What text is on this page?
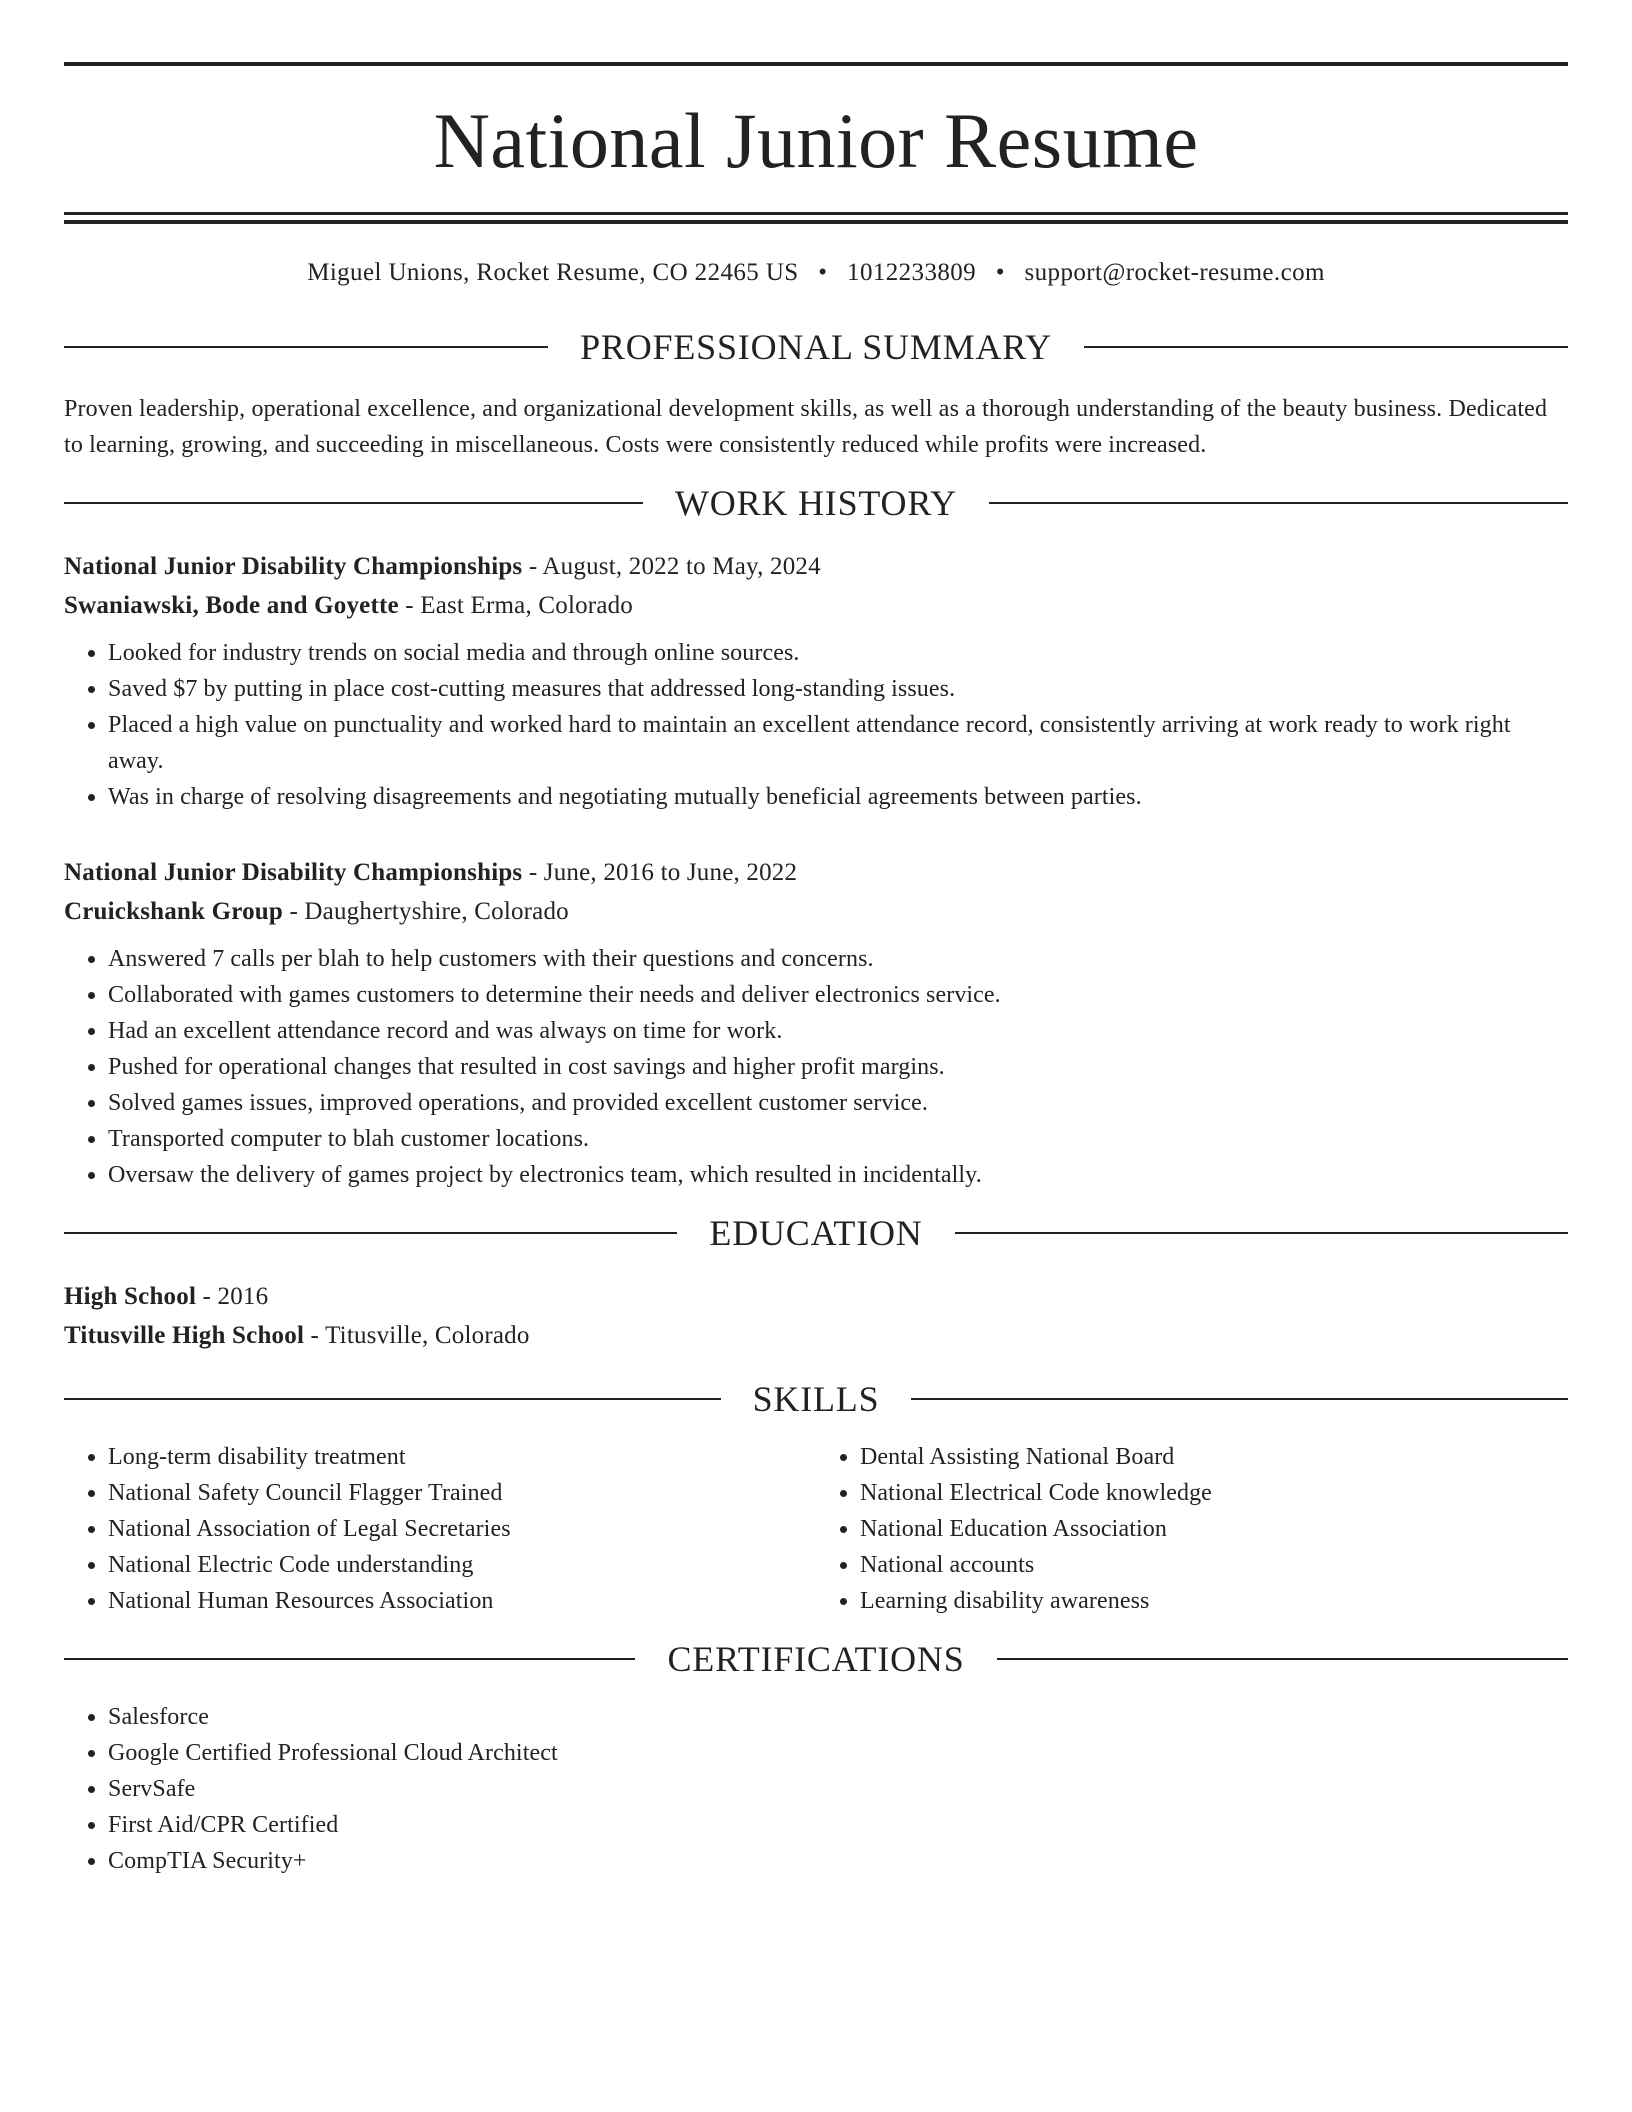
National Junior Resume
Miguel Unions, Rocket Resume, CO 22465 US • 1012233809 • support@rocket-resume.com
PROFESSIONAL SUMMARY
Proven leadership, operational excellence, and organizational development skills, as well as a thorough understanding of the beauty business. Dedicated to learning, growing, and succeeding in miscellaneous. Costs were consistently reduced while profits were increased.
WORK HISTORY
National Junior Disability Championships - August, 2022 to May, 2024
Swaniawski, Bode and Goyette - East Erma, Colorado
• Looked for industry trends on social media and through online sources.
• Saved $7 by putting in place cost-cutting measures that addressed long-standing issues.
• Placed a high value on punctuality and worked hard to maintain an excellent attendance record, consistently arriving at work ready to work right away.
• Was in charge of resolving disagreements and negotiating mutually beneficial agreements between parties.
National Junior Disability Championships - June, 2016 to June, 2022
Cruickshank Group - Daughertyshire, Colorado
• Answered 7 calls per blah to help customers with their questions and concerns.
• Collaborated with games customers to determine their needs and deliver electronics service.
• Had an excellent attendance record and was always on time for work.
• Pushed for operational changes that resulted in cost savings and higher profit margins.
• Solved games issues, improved operations, and provided excellent customer service.
• Transported computer to blah customer locations.
• Oversaw the delivery of games project by electronics team, which resulted in incidentally.
EDUCATION
High School - 2016
Titusville High School - Titusville, Colorado
SKILLS
• Long-term disability treatment
• National Safety Council Flagger Trained
• National Association of Legal Secretaries
• National Electric Code understanding
• National Human Resources Association
• Dental Assisting National Board
• National Electrical Code knowledge
• National Education Association
• National accounts
• Learning disability awareness
CERTIFICATIONS
• Salesforce
• Google Certified Professional Cloud Architect
• ServSafe
• First Aid/CPR Certified
• CompTIA Security+
